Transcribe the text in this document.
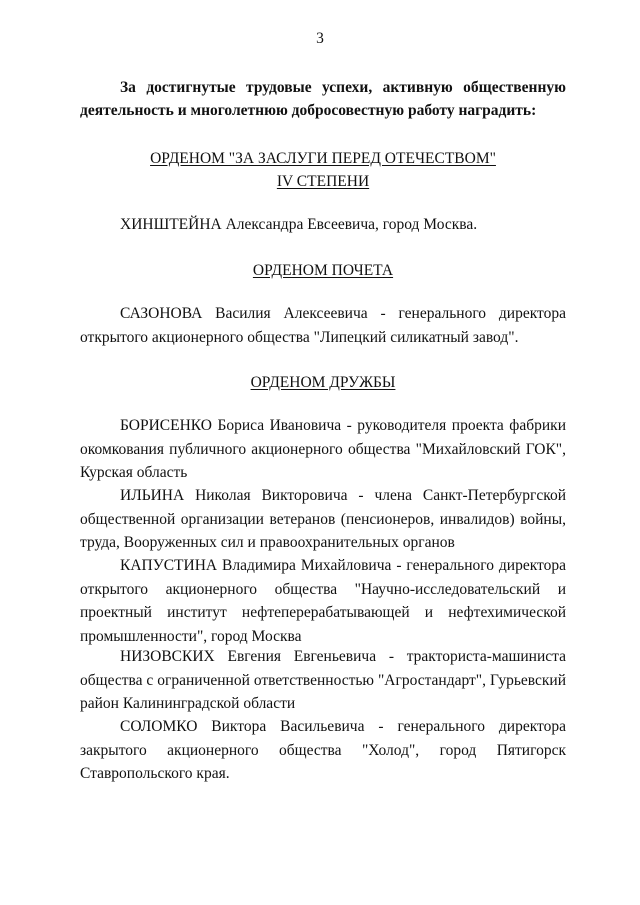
3
За достигнутые трудовые успехи, активную общественную деятельность и многолетнюю добросовестную работу наградить:
ОРДЕНОМ "ЗА ЗАСЛУГИ ПЕРЕД ОТЕЧЕСТВОМ"
IV СТЕПЕНИ
ХИНШТЕЙНА Александра Евсеевича, город Москва.
ОРДЕНОМ ПОЧЕТА
САЗОНОВА Василия Алексеевича - генерального директора открытого акционерного общества "Липецкий силикатный завод".
ОРДЕНОМ ДРУЖБЫ
БОРИСЕНКО Бориса Ивановича - руководителя проекта фабрики окомкования публичного акционерного общества "Михайловский ГОК", Курская область
ИЛЬИНА Николая Викторовича - члена Санкт-Петербургской общественной организации ветеранов (пенсионеров, инвалидов) войны, труда, Вооруженных сил и правоохранительных органов
КАПУСТИНА Владимира Михайловича - генерального директора открытого акционерного общества "Научно-исследовательский и проектный институт нефтеперерабатывающей и нефтехимической промышленности", город Москва
НИЗОВСКИХ Евгения Евгеньевича - тракториста-машиниста общества с ограниченной ответственностью "Агростандарт", Гурьевский район Калининградской области
СОЛОМКО Виктора Васильевича - генерального директора закрытого акционерного общества "Холод", город Пятигорск Ставропольского края.
